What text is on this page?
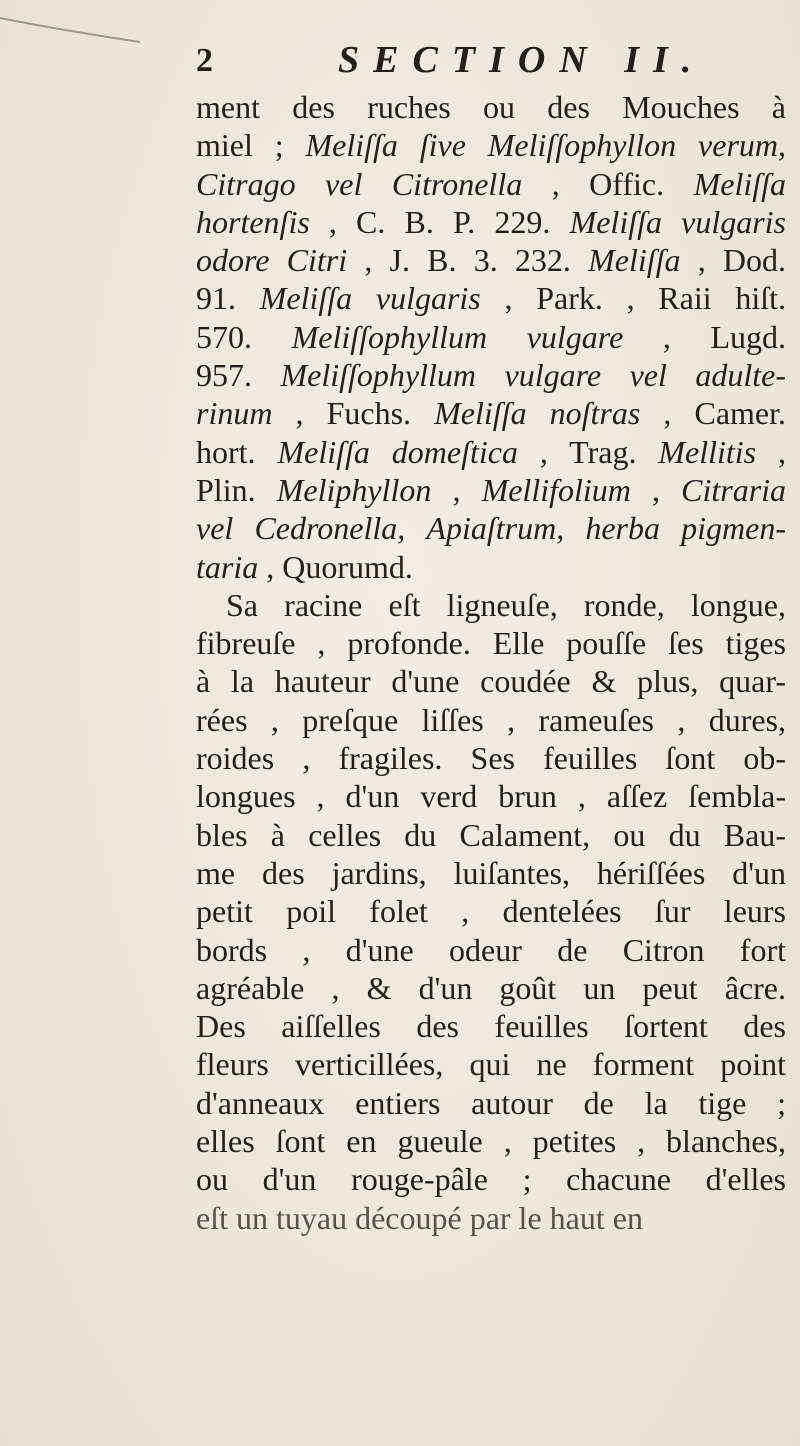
2	SECTION II.
ment des ruches ou des Mouches à
miel ; Meliſſa ſive Meliſſophyllon verum,
Citrago vel Citronella , Offic. Meliſſa
hortenſis , C. B. P. 229. Meliſſa vulgaris
odore Citri , J. B. 3. 232. Meliſſa , Dod.
91. Meliſſa vulgaris , Park. , Raii hiſt.
570. Meliſſophyllum vulgare , Lugd.
957. Meliſſophyllum vulgare vel adulte-
rinum , Fuchs. Meliſſa noſtras , Camer.
hort. Meliſſa domeſtica , Trag. Mellitis ,
Plin. Meliphyllon , Mellifolium , Citraria
vel Cedronella, Apiaſtrum, herba pigmen-
taria , Quorumd.
Sa racine eſt ligneuſe, ronde, longue,
fibreuſe , profonde. Elle pouſſe ſes tiges
à la hauteur d'une coudée & plus, quar-
rées , preſque liſſes , rameuſes , dures,
roides , fragiles. Ses feuilles ſont ob-
longues , d'un verd brun , aſſez ſembla-
bles à celles du Calament, ou du Bau-
me des jardins, luiſantes, hériſſées d'un
petit poil folet , dentelées ſur leurs
bords , d'une odeur de Citron fort
agréable , & d'un goût un peut âcre.
Des aiſſelles des feuilles ſortent des
fleurs verticillées, qui ne forment point
d'anneaux entiers autour de la tige ;
elles ſont en gueule , petites , blanches,
ou d'un rouge-pâle ; chacune d'elles
eſt un tuyau découpé par le haut en
